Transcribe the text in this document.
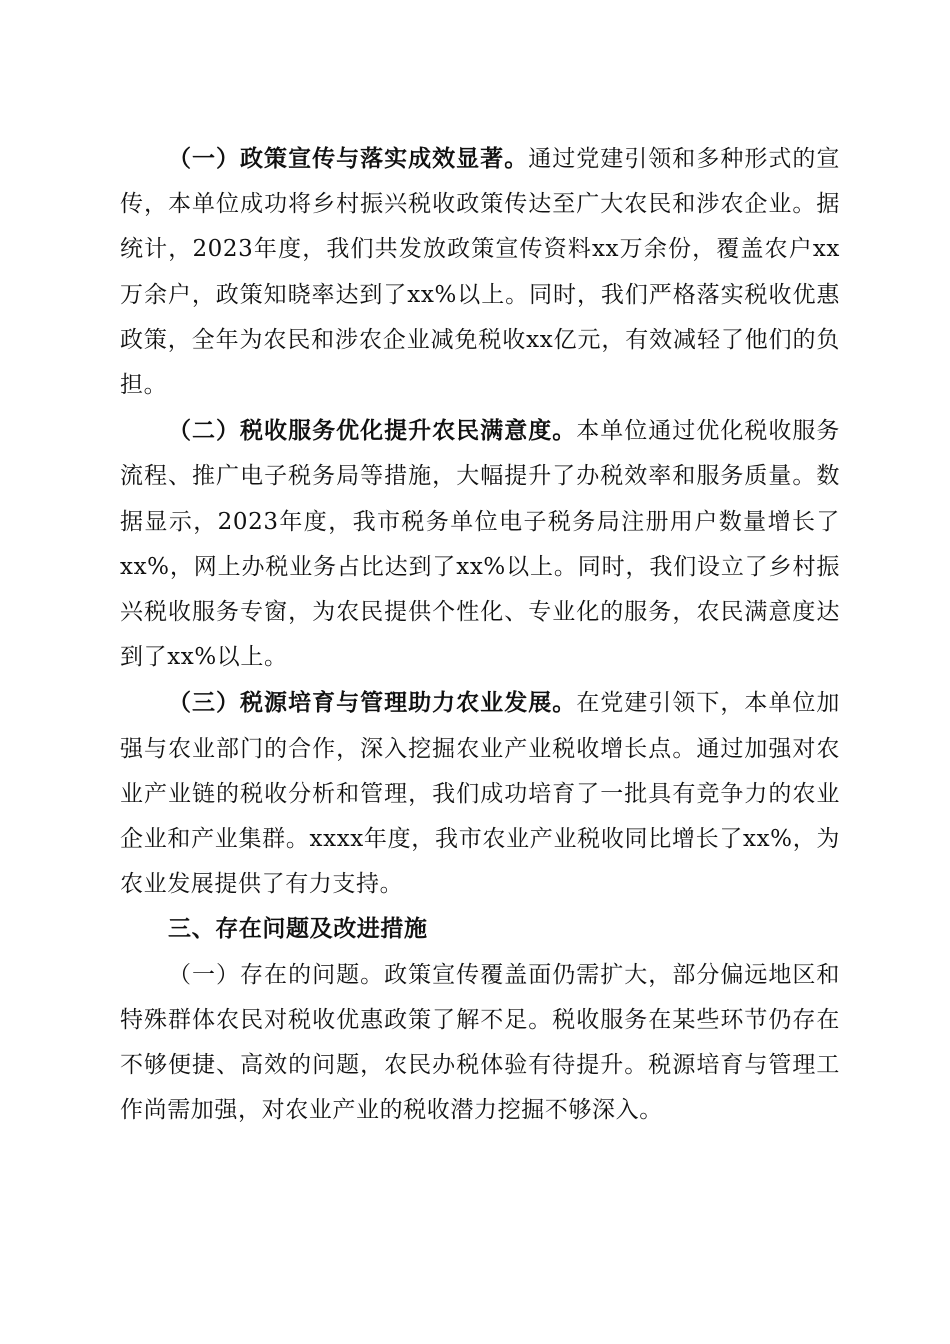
（一）政策宣传与落实成效显著。通过党建引领和多种形式的宣传，本单位成功将乡村振兴税收政策传达至广大农民和涉农企业。据统计，2023年度，我们共发放政策宣传资料xx万余份，覆盖农户xx万余户，政策知晓率达到了xx%以上。同时，我们严格落实税收优惠政策，全年为农民和涉农企业减免税收xx亿元，有效减轻了他们的负担。

（二）税收服务优化提升农民满意度。本单位通过优化税收服务流程、推广电子税务局等措施，大幅提升了办税效率和服务质量。数据显示，2023年度，我市税务单位电子税务局注册用户数量增长了xx%，网上办税业务占比达到了xx%以上。同时，我们设立了乡村振兴税收服务专窗，为农民提供个性化、专业化的服务，农民满意度达到了xx%以上。

（三）税源培育与管理助力农业发展。在党建引领下，本单位加强与农业部门的合作，深入挖掘农业产业税收增长点。通过加强对农业产业链的税收分析和管理，我们成功培育了一批具有竞争力的农业企业和产业集群。xxxx年度，我市农业产业税收同比增长了xx%，为农业发展提供了有力支持。

三、存在问题及改进措施

（一）存在的问题。政策宣传覆盖面仍需扩大，部分偏远地区和特殊群体农民对税收优惠政策了解不足。税收服务在某些环节仍存在不够便捷、高效的问题，农民办税体验有待提升。税源培育与管理工作尚需加强，对农业产业的税收潜力挖掘不够深入。
